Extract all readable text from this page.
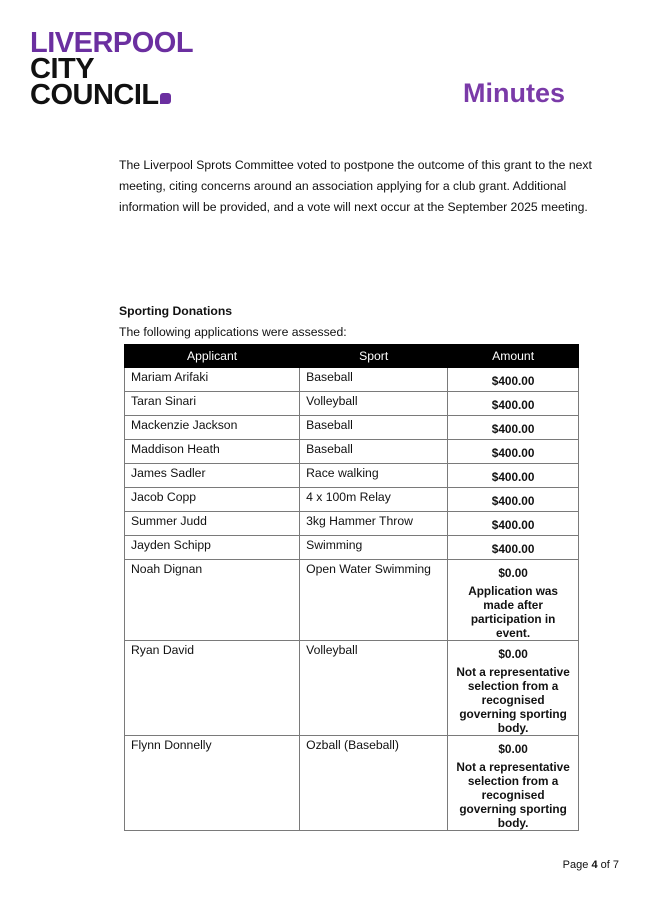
LIVERPOOL
CITY
COUNCIL	Minutes
The Liverpool Sprots Committee voted to postpone the outcome of this grant to the next meeting, citing concerns around an association applying for a club grant. Additional information will be provided, and a vote will next occur at the September 2025 meeting.
Sporting Donations
The following applications were assessed:
Applicant	Sport	Amount
Mariam Arifaki	Baseball	$400.00
Taran Sinari	Volleyball	$400.00
Mackenzie Jackson	Baseball	$400.00
Maddison Heath	Baseball	$400.00
James Sadler	Race walking	$400.00
Jacob Copp	4 x 100m Relay	$400.00
Summer Judd	3kg Hammer Throw	$400.00
Jayden Schipp	Swimming	$400.00
Noah Dignan	Open Water Swimming	$0.00
Application was made after participation in event.

Ryan David	Volleyball	$0.00
Not a representative selection from a recognised governing sporting body.

Flynn Donnelly	Ozball (Baseball)	$0.00
Not a representative selection from a recognised governing sporting body.
Page 4 of 7
